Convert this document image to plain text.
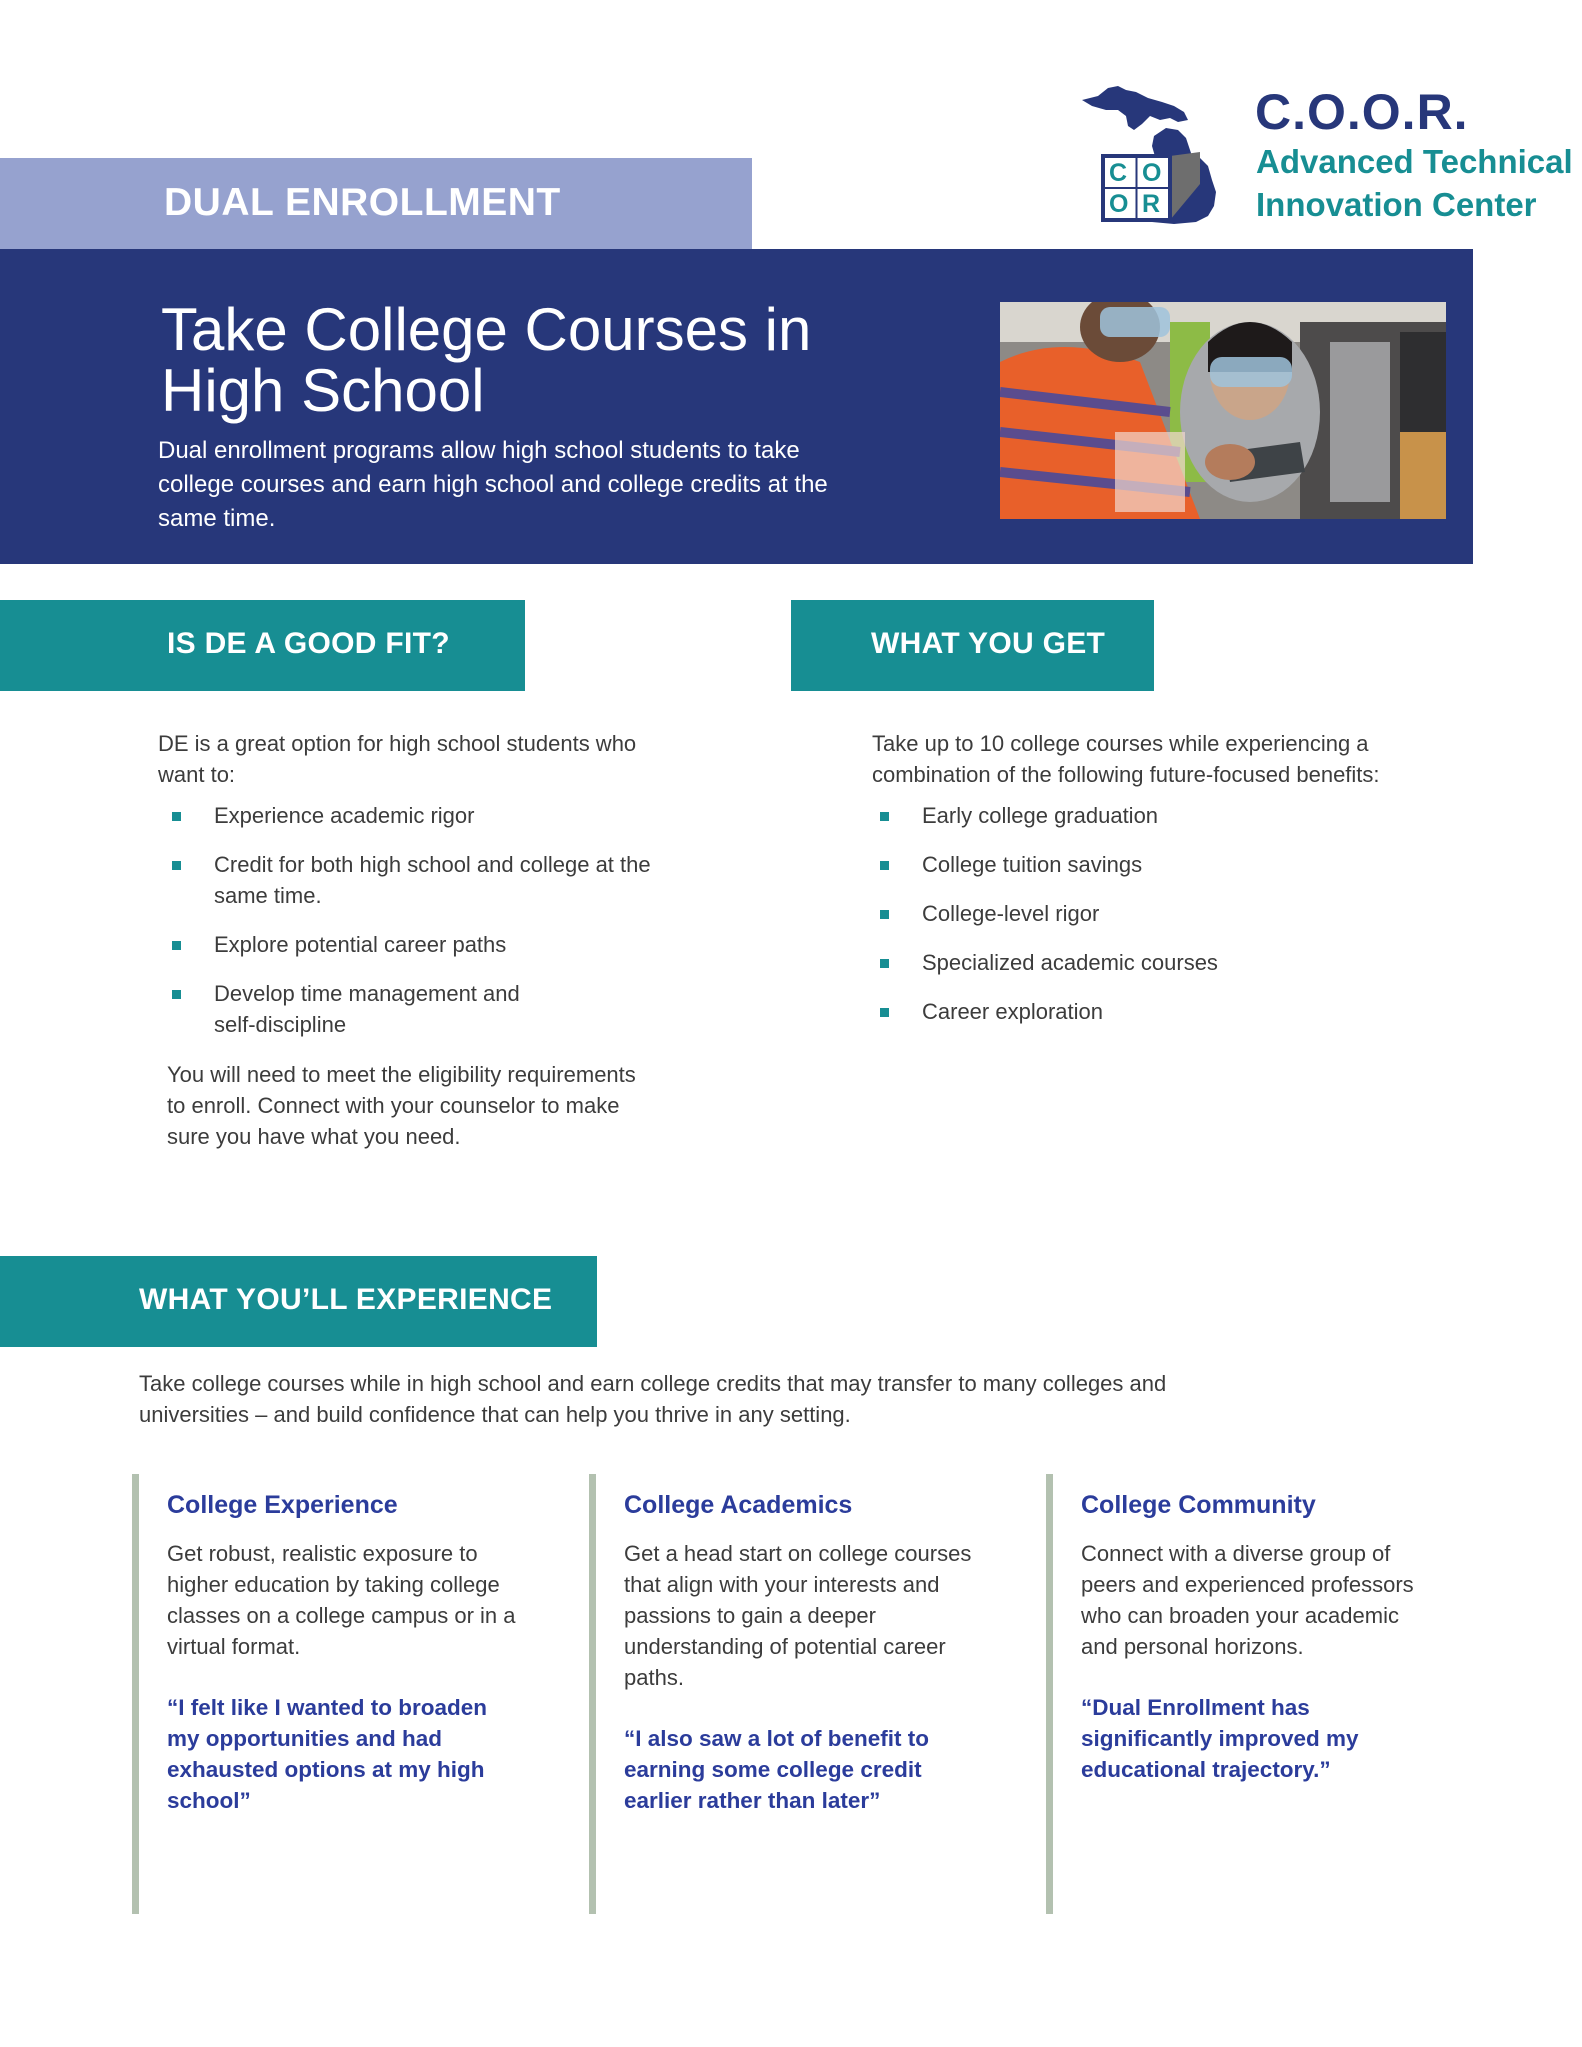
C O
O R
C.O.O.R.
Advanced Technical
Innovation Center
DUAL ENROLLMENT
Take College Courses in
High School
Dual enrollment programs allow high school students to take
college courses and earn high school and college credits at the
same time.
IS DE A GOOD FIT?
DE is a great option for high school students who
want to:
Experience academic rigor
Credit for both high school and college at the
same time.
Explore potential career paths
Develop time management and
self-discipline
You will need to meet the eligibility requirements
to enroll. Connect with your counselor to make
sure you have what you need.
WHAT YOU GET
Take up to 10 college courses while experiencing a
combination of the following future-focused benefits:
Early college graduation
College tuition savings
College-level rigor
Specialized academic courses
Career exploration
WHAT YOU’LL EXPERIENCE
Take college courses while in high school and earn college credits that may transfer to many colleges and
universities – and build confidence that can help you thrive in any setting.
College Experience
Get robust, realistic exposure to
higher education by taking college
classes on a college campus or in a
virtual format.
“I felt like I wanted to broaden
my opportunities and had
exhausted options at my high
school”
College Academics
Get a head start on college courses
that align with your interests and
passions to gain a deeper
understanding of potential career
paths.
“I also saw a lot of benefit to
earning some college credit
earlier rather than later”
College Community
Connect with a diverse group of
peers and experienced professors
who can broaden your academic
and personal horizons.
“Dual Enrollment has
significantly improved my
educational trajectory.”
